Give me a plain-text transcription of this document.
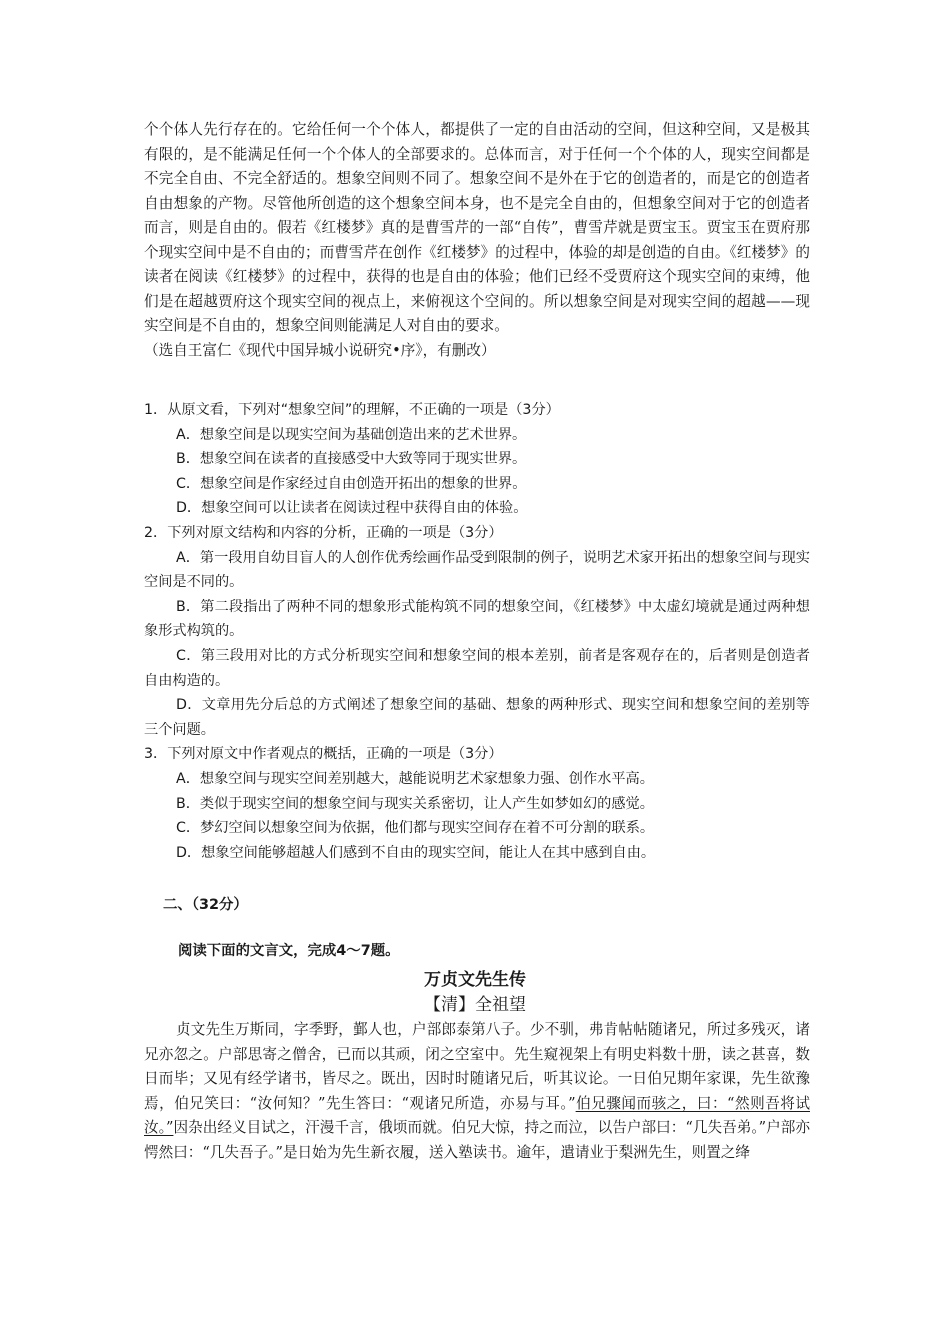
个个体人先行存在的。它给任何一个个体人，都提供了一定的自由活动的空间，但这种空间，又是极其有限的，是不能满足任何一个个体人的全部要求的。总体而言，对于任何一个个体的人，现实空间都是不完全自由、不完全舒适的。想象空间则不同了。想象空间不是外在于它的创造者的，而是它的创造者自由想象的产物。尽管他所创造的这个想象空间本身，也不是完全自由的，但想象空间对于它的创造者而言，则是自由的。假若《红楼梦》真的是曹雪芹的一部“自传”，曹雪芹就是贾宝玉。贾宝玉在贾府那个现实空间中是不自由的；而曹雪芹在创作《红楼梦》的过程中，体验的却是创造的自由。《红楼梦》的读者在阅读《红楼梦》的过程中，获得的也是自由的体验；他们已经不受贾府这个现实空间的束缚，他们是在超越贾府这个现实空间的视点上，来俯视这个空间的。所以想象空间是对现实空间的超越——现实空间是不自由的，想象空间则能满足人对自由的要求。

（选自王富仁《现代中国异城小说研究•序》，有删改）

1．从原文看，下列对“想象空间”的理解，不正确的一项是（3分）

A．想象空间是以现实空间为基础创造出来的艺术世界。

B．想象空间在读者的直接感受中大致等同于现实世界。

C．想象空间是作家经过自由创造开拓出的想象的世界。

D．想象空间可以让读者在阅读过程中获得自由的体验。

2．下列对原文结构和内容的分析，正确的一项是（3分）

A．第一段用自幼目盲人的人创作优秀绘画作品受到限制的例子，说明艺术家开拓出的想象空间与现实空间是不同的。

B．第二段指出了两种不同的想象形式能构筑不同的想象空间，《红楼梦》中太虚幻境就是通过两种想象形式构筑的。

C．第三段用对比的方式分析现实空间和想象空间的根本差别，前者是客观存在的，后者则是创造者自由构造的。

D．文章用先分后总的方式阐述了想象空间的基础、想象的两种形式、现实空间和想象空间的差别等三个问题。

3．下列对原文中作者观点的概括，正确的一项是（3分）

A．想象空间与现实空间差别越大，越能说明艺术家想象力强、创作水平高。

B．类似于现实空间的想象空间与现实关系密切，让人产生如梦如幻的感觉。

C．梦幻空间以想象空间为依据，他们都与现实空间存在着不可分割的联系。

D．想象空间能够超越人们感到不自由的现实空间，能让人在其中感到自由。

二、（32分）
阅读下面的文言文，完成4～7题。
万贞文先生传
【清】全祖望

贞文先生万斯同，字季野，鄞人也，户部郎泰第八子。少不驯，弗肯帖帖随诸兄，所过多残灭，诸兄亦忽之。户部思寄之僧舍，已而以其顽，闭之空室中。先生窥视架上有明史料数十册，读之甚喜，数日而毕；又见有经学诸书，皆尽之。既出，因时时随诸兄后，听其议论。一日伯兄期年家课，先生欲豫焉，伯兄笑曰：“汝何知？”先生答曰：“观诸兄所造，亦易与耳。”伯兄骤闻而骇之，曰：“然则吾将试汝。”因杂出经义目试之，汗漫千言，俄顷而就。伯兄大惊，持之而泣，以告户部曰：“几失吾弟。”户部亦愕然曰：“几失吾子。”是日始为先生新衣履，送入塾读书。逾年，遣请业于梨洲先生，则置之绛
